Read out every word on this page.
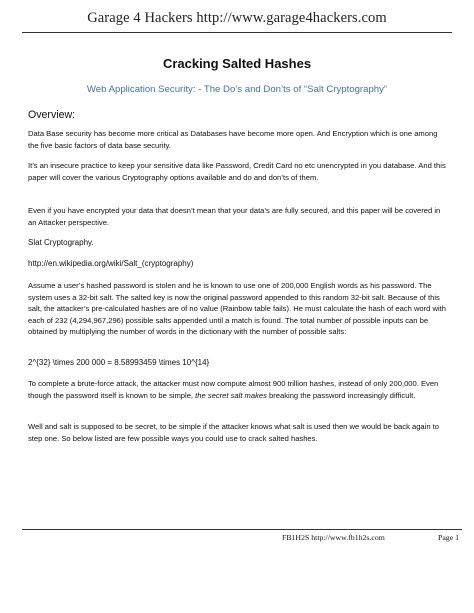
Garage 4 Hackers http://www.garage4hackers.com
Cracking Salted Hashes
Web Application Security: - The Do’s and Don’ts of “Salt Cryptography”
Overview:

Data Base security has become more critical as Databases have become more open. And Encryption which is one among the five basic factors of data base security.

It’s an insecure practice to keep your sensitive data like Password, Credit Card no etc unencrypted in you database. And this paper will cover the various Cryptography options available and do and don’ts of them.

Even if you have encrypted your data that doesn’t mean that your data’s are fully secured, and this paper will be covered in an Attacker perspective.

Slat Cryptography.

http://en.wikipedia.org/wiki/Salt_(cryptography)

Assume a user’s hashed password is stolen and he is known to use one of 200,000 English words as his password. The system uses a 32-bit salt. The salted key is now the original password appended to this random 32-bit salt. Because of this salt, the attacker’s pre-calculated hashes are of no value (Rainbow table fails). He must calculate the hash of each word with each of 232 (4,294,967,296) possible salts appended until a match is found. The total number of possible inputs can be obtained by multiplying the number of words in the dictionary with the number of possible salts:

2^{32} \times 200 000 = 8.58993459 \times 10^{14}

To complete a brute-force attack, the attacker must now compute almost 900 trillion hashes, instead of only 200,000. Even though the password itself is known to be simple, the secret salt makes breaking the password increasingly difficult.

Well and salt is supposed to be secret, to be simple if the attacker knows what salt is used then we would be back again to step one. So below listed are few possible ways you could use to crack salted hashes.

FB1H2S http://www.fb1h2s.com	Page 1
